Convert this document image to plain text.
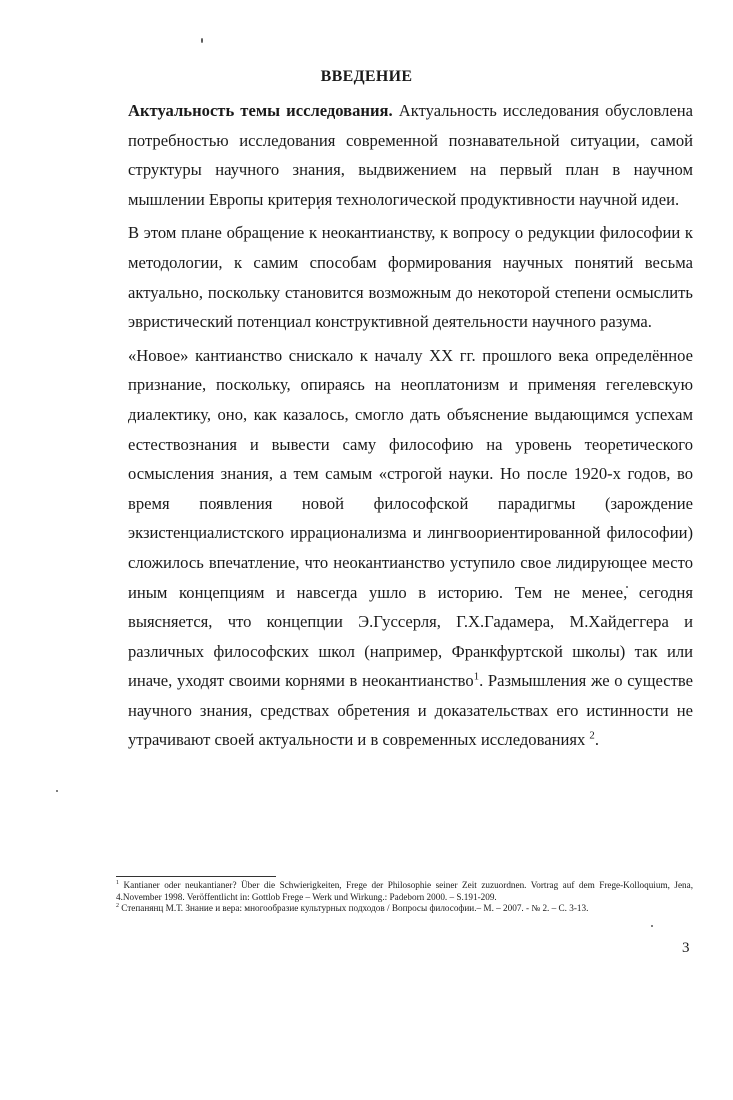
ВВЕДЕНИЕ

Актуальность темы исследования. Актуальность исследования обусловлена потребностью исследования современной познавательной ситуации, самой структуры научного знания, выдвижением на первый план в научном мышлении Европы критерия технологической продуктивности научной идеи.

В этом плане обращение к неокантианству, к вопросу о редукции философии к методологии, к самим способам формирования научных понятий весьма актуально, поскольку становится возможным до некоторой степени осмыслить эвристический потенциал конструктивной деятельности научного разума.

«Новое» кантианство снискало к началу XX гг. прошлого века определённое признание, поскольку, опираясь на неоплатонизм и применяя гегелевскую диалектику, оно, как казалось, смогло дать объяснение выдающимся успехам естествознания и вывести саму философию на уровень теоретического осмысления знания, а тем самым «строгой науки. Но после 1920-х годов, во время появления новой философской парадигмы (зарождение экзистенциалистского иррационализма и лингвоориентированной философии) сложилось впечатление, что неокантианство уступило свое лидирующее место иным концепциям и навсегда ушло в историю. Тем не менее, сегодня выясняется, что концепции Э.Гуссерля, Г.Х.Гадамера, М.Хайдеггера и различных философских школ (например, Франкфуртской школы) так или иначе, уходят своими корнями в неокантианство$^1$. Размышления же о существе научного знания, средствах обретения и доказательствах его истинности не утрачивают своей актуальности и в современных исследованиях $^2$.

$^1$ Kantianer oder neukantianer? Über die Schwierigkeiten, Frege der Philosophie seiner Zeit zuzuordnen. Vortrag auf dem Frege-Kolloquium, Jena, 4.November 1998. Veröffentlicht in: Gottlob Frege – Werk und Wirkung.: Padeborn 2000. – S.191-209.
$^2$ Степанянц М.Т. Знание и вера: многообразие культурных подходов / Вопросы философии.– М. – 2007. - № 2. – С. 3-13.
3
